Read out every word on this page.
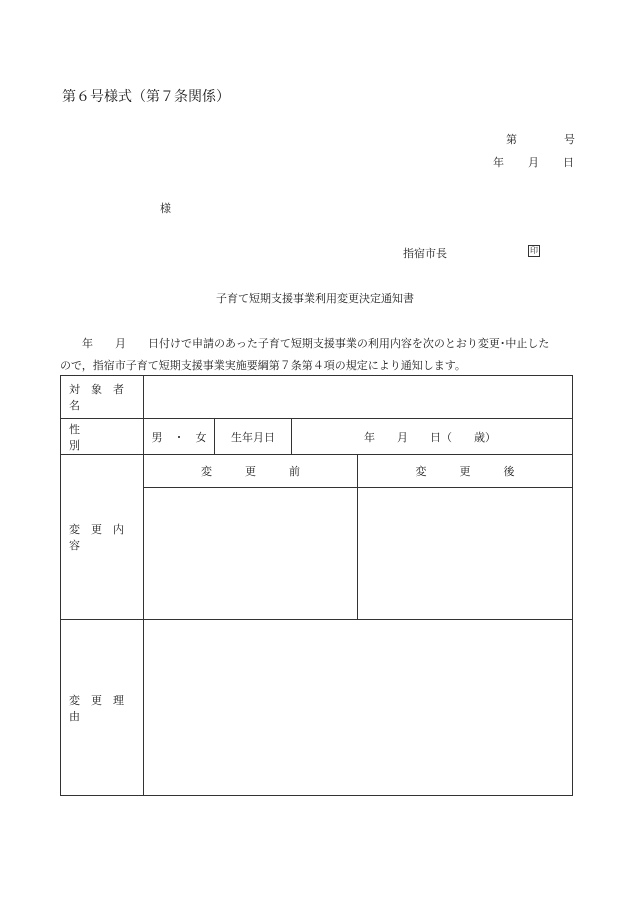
第６号様式（第７条関係）
第	号
年 月 日
様
指宿市長	印
子育て短期支援事業利用変更決定通知書
　　年　　月　　日付けで申請のあった子育て短期支援事業の利用内容を次のとおり変更･中止した
ので，指宿市子育て短期支援事業実施要綱第７条第４項の規定により通知します。
対　象　者　名				
性　　　　　別	男　・　女	生年月日	年　　月　　日（　　歳）	
変　更　内　容	変　　　更　　　前			変　　　更　　　後

変　更　理　由				
